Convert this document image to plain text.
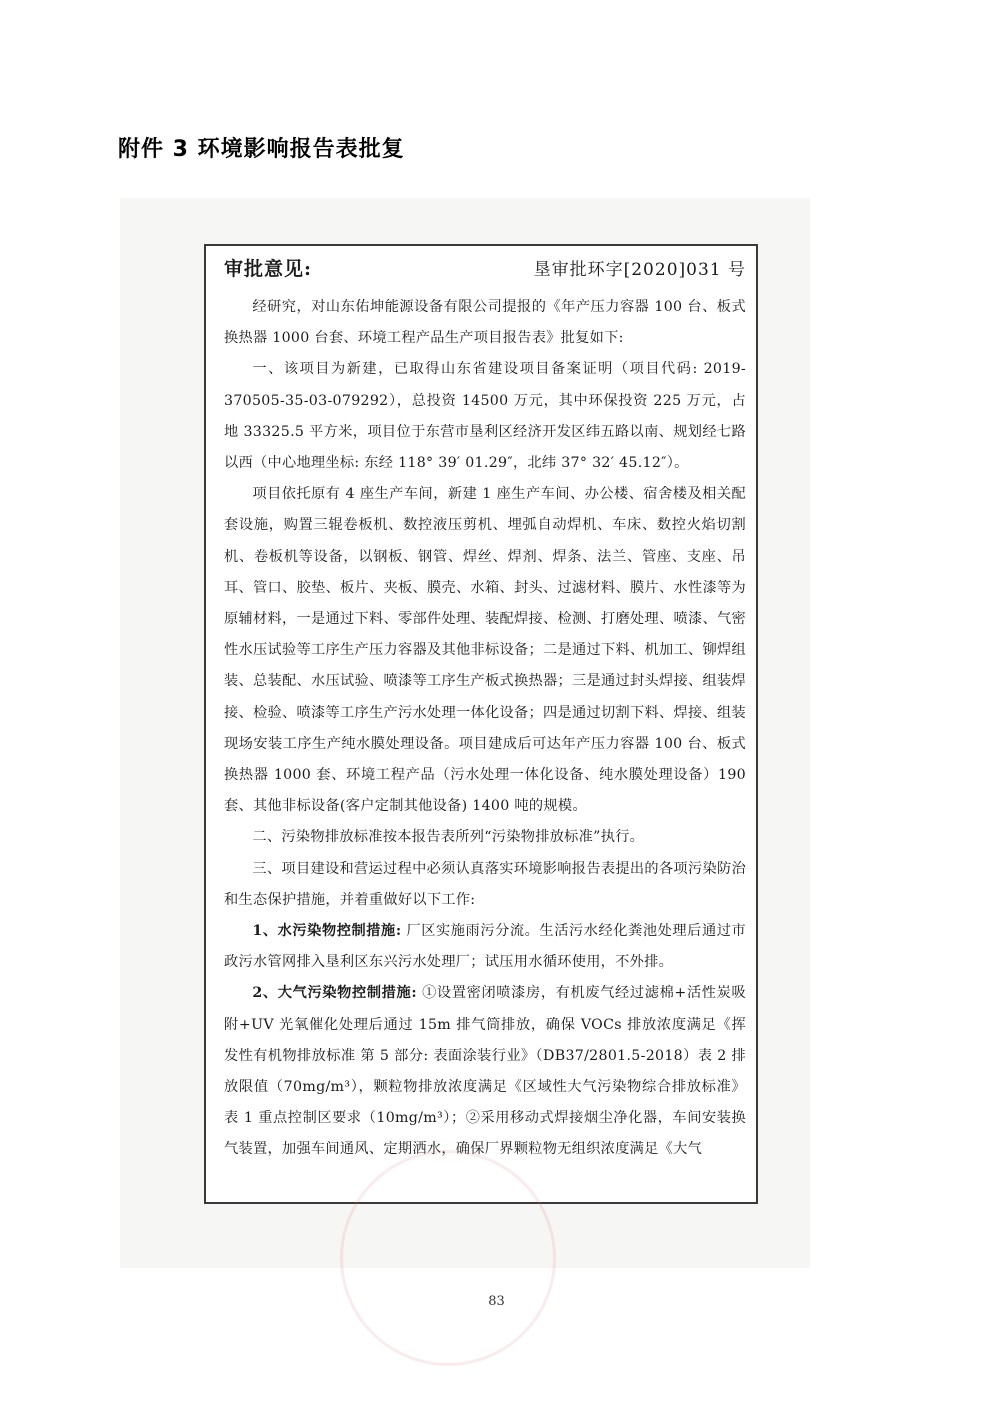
附件 3 环境影响报告表批复
审批意见:	垦审批环字[2020]031 号

经研究，对山东佑坤能源设备有限公司提报的《年产压力容器 100 台、板式换热器 1000 台套、环境工程产品生产项目报告表》批复如下:

一、该项目为新建，已取得山东省建设项目备案证明（项目代码: 2019-370505-35-03-079292），总投资 14500 万元，其中环保投资 225 万元，占地 33325.5 平方米，项目位于东营市垦利区经济开发区纬五路以南、规划经七路以西（中心地理坐标: 东经 118° 39′ 01.29″，北纬 37° 32′ 45.12″）。

项目依托原有 4 座生产车间，新建 1 座生产车间、办公楼、宿舍楼及相关配套设施，购置三辊卷板机、数控液压剪机、埋弧自动焊机、车床、数控火焰切割机、卷板机等设备，以钢板、钢管、焊丝、焊剂、焊条、法兰、管座、支座、吊耳、管口、胶垫、板片、夹板、膜壳、水箱、封头、过滤材料、膜片、水性漆等为原辅材料，一是通过下料、零部件处理、装配焊接、检测、打磨处理、喷漆、气密性水压试验等工序生产压力容器及其他非标设备；二是通过下料、机加工、铆焊组装、总装配、水压试验、喷漆等工序生产板式换热器；三是通过封头焊接、组装焊接、检验、喷漆等工序生产污水处理一体化设备；四是通过切割下料、焊接、组装现场安装工序生产纯水膜处理设备。项目建成后可达年产压力容器 100 台、板式换热器 1000 套、环境工程产品（污水处理一体化设备、纯水膜处理设备）190 套、其他非标设备(客户定制其他设备) 1400 吨的规模。

二、污染物排放标准按本报告表所列“污染物排放标准”执行。

三、项目建设和营运过程中必须认真落实环境影响报告表提出的各项污染防治和生态保护措施，并着重做好以下工作:

1、水污染物控制措施: 厂区实施雨污分流。生活污水经化粪池处理后通过市政污水管网排入垦利区东兴污水处理厂；试压用水循环使用，不外排。

2、大气污染物控制措施: ①设置密闭喷漆房，有机废气经过滤棉+活性炭吸附+UV 光氧催化处理后通过 15m 排气筒排放，确保 VOCs 排放浓度满足《挥发性有机物排放标准 第 5 部分: 表面涂装行业》（DB37/2801.5-2018）表 2 排放限值（70mg/m³），颗粒物排放浓度满足《区域性大气污染物综合排放标准》表 1 重点控制区要求（10mg/m³）；②采用移动式焊接烟尘净化器，车间安装换气装置，加强车间通风、定期洒水，确保厂界颗粒物无组织浓度满足《大气

83
